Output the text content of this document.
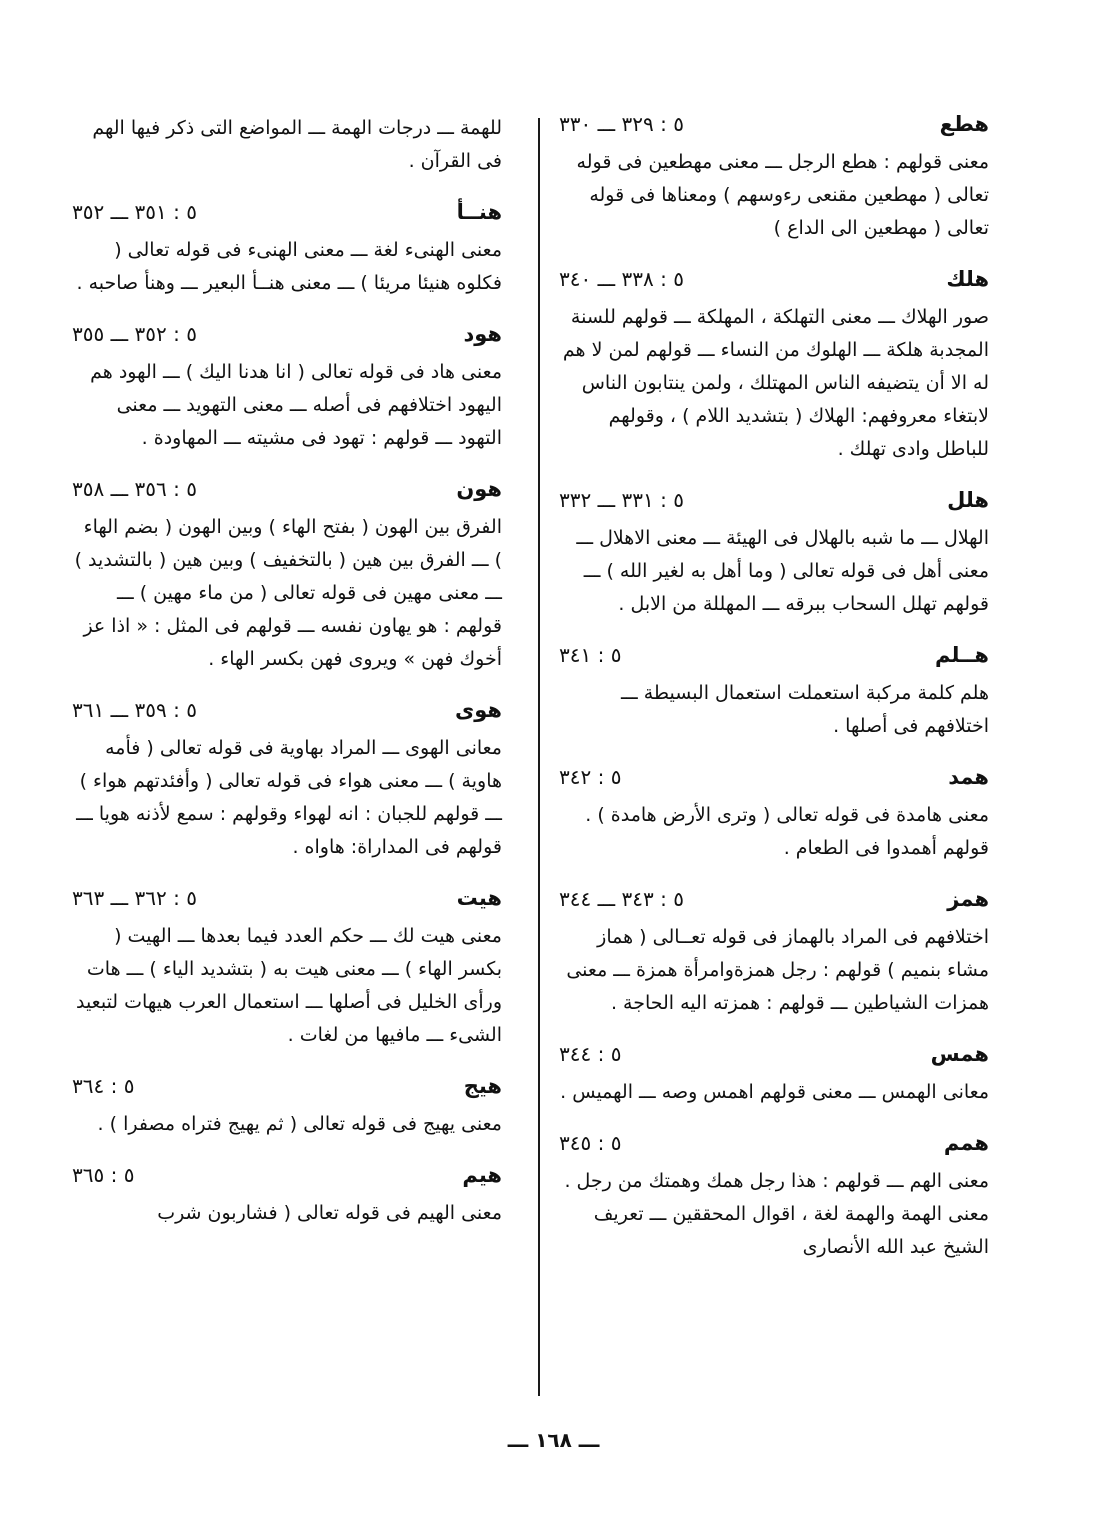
هطع
٥ : ٣٢٩ ـــ ٣٣٠

معنى قولهم : هطع الرجل ـــ معنى مهطعين فى قوله تعالى ( مهطعين مقنعى رءوسهم ) ومعناها فى قوله تعالى ( مهطعين الى الداع )

هلك
٥ : ٣٣٨ ـــ ٣٤٠

صور الهلاك ـــ معنى التهلكة ، المهلكة ـــ قولهم للسنة المجدبة هلكة ـــ الهلوك من النساء ـــ قولهم لمن لا هم له الا أن يتضيفه الناس المهتلك ، ولمن ينتابون الناس لابتغاء معروفهم: الهلاك ( بتشديد اللام ) ، وقولهم للباطل وادى تهلك .

هلل
٥ : ٣٣١ ـــ ٣٣٢

الهلال ـــ ما شبه بالهلال فى الهيئة ـــ معنى الاهلال ـــ معنى أهل فى قوله تعالى ( وما أهل به لغير الله ) ـــ قولهم تهلل السحاب ببرقه ـــ المهللة من الابل .

هــلم
٥ : ٣٤١

هلم كلمة مركبة استعملت استعمال البسيطة ـــ اختلافهم فى أصلها .

همد
٥ : ٣٤٢

معنى هامدة فى قوله تعالى ( وترى الأرض هامدة ) . قولهم أهمدوا فى الطعام .

همز
٥ : ٣٤٣ ـــ ٣٤٤

اختلافهم فى المراد بالهماز فى قوله تعــالى ( هماز مشاء بنميم ) قولهم : رجل همزةوامرأة همزة ـــ معنى همزات الشياطين ـــ قولهم : همزته اليه الحاجة .

همس
٥ : ٣٤٤

معانى الهمس ـــ معنى قولهم اهمس وصه ـــ الهميس .

همم
٥ : ٣٤٥

معنى الهم ـــ قولهم : هذا رجل همك وهمتك من رجل . معنى الهمة والهمة لغة ، اقوال المحققين ـــ تعريف الشيخ عبد الله الأنصارى

للهمة ـــ درجات الهمة ـــ المواضع التى ذكر فيها الهم فى القرآن .

هنــأ
٥ : ٣٥١ ـــ ٣٥٢

معنى الهنىء لغة ـــ معنى الهنىء فى قوله تعالى ( فكلوه هنيئا مريئا ) ـــ معنى هنــأ البعير ـــ وهنأ صاحبه .

هود
٥ : ٣٥٢ ـــ ٣٥٥

معنى هاد فى قوله تعالى ( انا هدنا اليك ) ـــ الهود هم اليهود اختلافهم فى أصله ـــ معنى التهويد ـــ معنى التهود ـــ قولهم : تهود فى مشيته ـــ المهاودة .

هون
٥ : ٣٥٦ ـــ ٣٥٨

الفرق بين الهون ( بفتح الهاء ) وبين الهون ( بضم الهاء ) ـــ الفرق بين هين ( بالتخفيف ) وبين هين ( بالتشديد ) ـــ معنى مهين فى قوله تعالى ( من ماء مهين ) ـــ قولهم : هو يهاون نفسه ـــ قولهم فى المثل : « اذا عز أخوك فهن » ويروى فهن بكسر الهاء .

هوى
٥ : ٣٥٩ ـــ ٣٦١

معانى الهوى ـــ المراد بهاوية فى قوله تعالى ( فأمه هاوية ) ـــ معنى هواء فى قوله تعالى ( وأفئدتهم هواء ) ـــ قولهم للجبان : انه لهواء وقولهم : سمع لأذنه هويا ـــ قولهم فى المداراة: هاواه .

هيت
٥ : ٣٦٢ ـــ ٣٦٣

معنى هيت لك ـــ حكم العدد فيما بعدها ـــ الهيت ( بكسر الهاء ) ـــ معنى هيت به ( بتشديد الياء ) ـــ هات ورأى الخليل فى أصلها ـــ استعمال العرب هيهات لتبعيد الشىء ـــ مافيها من لغات .

هيج
٥ : ٣٦٤

معنى يهيج فى قوله تعالى ( ثم يهيج فتراه مصفرا ) .

هيم
٥ : ٣٦٥

معنى الهيم فى قوله تعالى ( فشاربون شرب

ـــ ١٦٨ ـــ
